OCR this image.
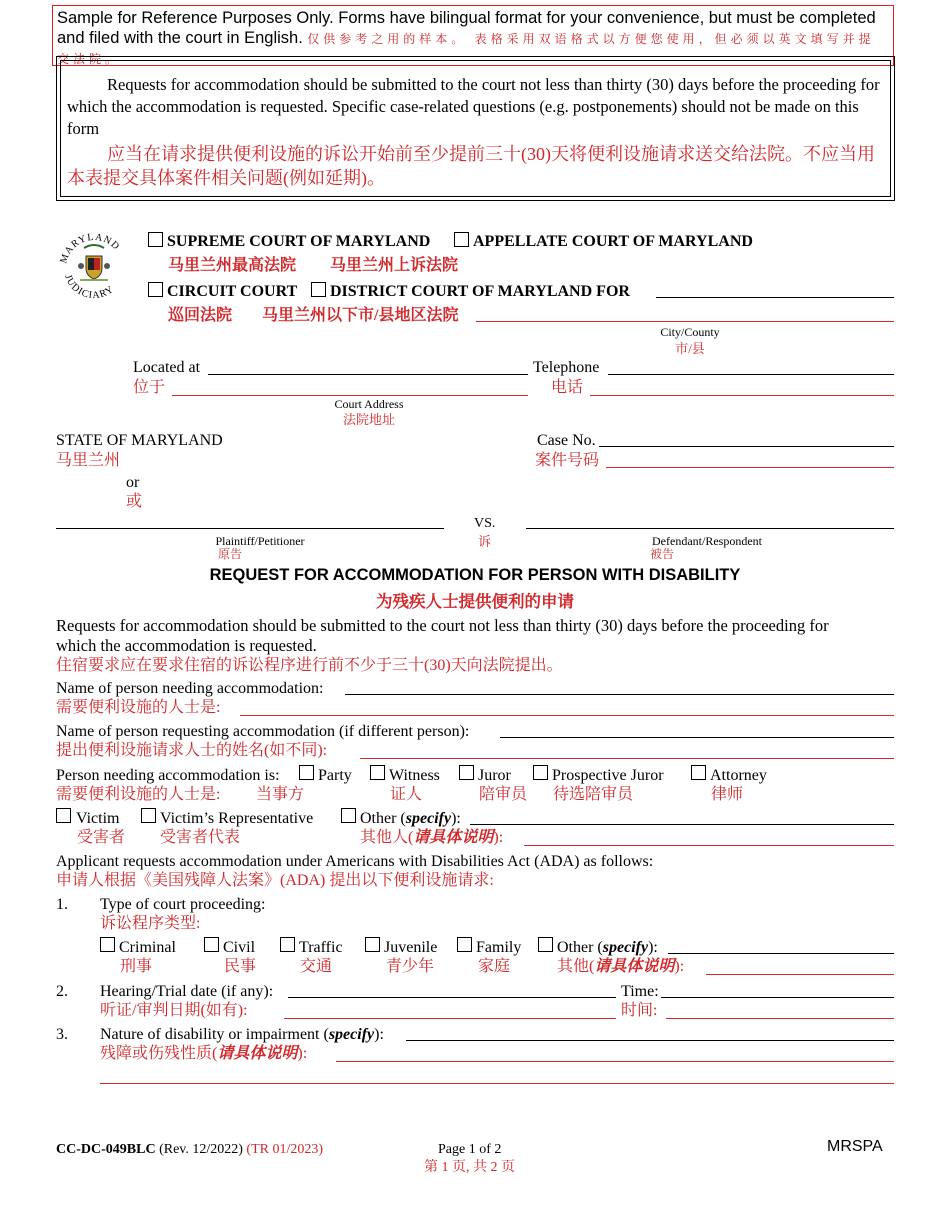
Sample for Reference Purposes Only. Forms have bilingual format for your convenience, but must be completed and filed with the court in English. 仅供参考之用的样本。 表格采用双语格式以方便您使用，但必须以英文填写并提交法院。
Requests for accommodation should be submitted to the court not less than thirty (30) days before the proceeding for which the accommodation is requested. Specific case-related questions (e.g. postponements) should not be made on this form
应当在请求提供便利设施的诉讼开始前至少提前三十(30)天将便利设施请求送交给法院。不应当用本表提交具体案件相关问题(例如延期)。
MARYLAND
JUDICIARY
SUPREME COURT OF MARYLAND	APPELLATE COURT OF MARYLAND
马里兰州最高法院 马里兰州上诉法院
CIRCUIT COURT DISTRICT COURT OF MARYLAND FOR
巡回法院 马里兰州以下市/县地区法院
City/County
市/县
Located at	Telephone
位于	电话
Court Address
法院地址
STATE OF MARYLAND
马里兰州
or
或
Case No.
案件号码
VS.
诉
Plaintiff/Petitioner
原告
Defendant/Respondent
被告
REQUEST FOR ACCOMMODATION FOR PERSON WITH DISABILITY
为残疾人士提供便利的申请
Requests for accommodation should be submitted to the court not less than thirty (30) days before the proceeding for
which the accommodation is requested.
住宿要求应在要求住宿的诉讼程序进行前不少于三十(30)天向法院提出。
Name of person needing accommodation:
需要便利设施的人士是:
Name of person requesting accommodation (if different person):
提出便利设施请求人士的姓名(如不同):
Person needing accommodation is:
需要便利设施的人士是:
Party
当事方
Witness
证人
Juror
陪审员
Prospective Juror
待选陪审员
Attorney
律师
Victim
受害者
Victim’s Representative
受害者代表
Other (specify):
其他人(请具体说明):
Applicant requests accommodation under Americans with Disabilities Act (ADA) as follows:
申请人根据《美国残障人法案》(ADA) 提出以下便利设施请求:
1. Type of court proceeding:
诉讼程序类型:
Criminal
刑事
Civil
民事
Traffic
交通
Juvenile
青少年
Family
家庭
Other (specify):
其他(请具体说明):
2. Hearing/Trial date (if any):	Time:
听证/审判日期(如有):	时间:
3. Nature of disability or impairment (specify):
残障或伤残性质(请具体说明):
CC-DC-049BLC (Rev. 12/2022) (TR 01/2023)	Page 1 of 2
第 1 页, 共 2 页
MRSPA
